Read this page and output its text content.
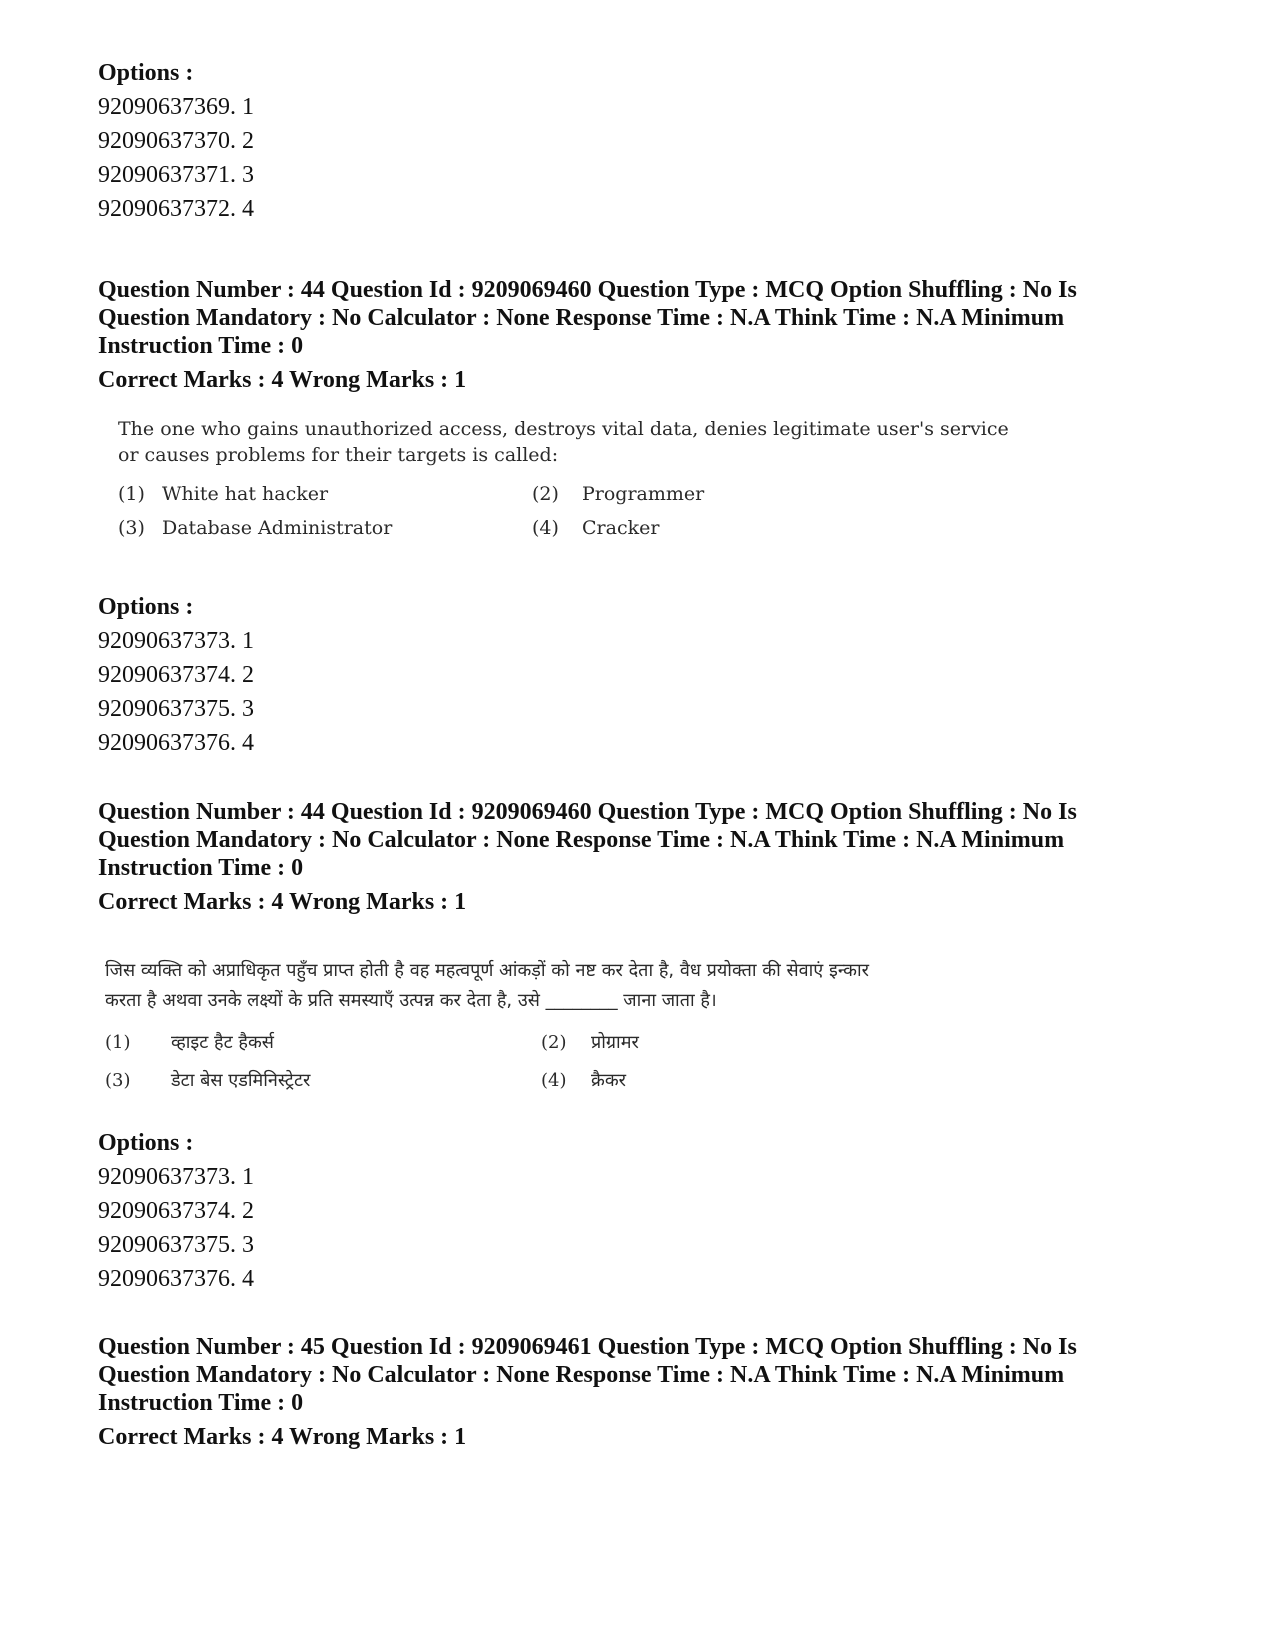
Options :
92090637369. 1
92090637370. 2
92090637371. 3
92090637372. 4
Question Number : 44 Question Id : 9209069460 Question Type : MCQ Option Shuffling : No Is
Question Mandatory : No Calculator : None Response Time : N.A Think Time : N.A Minimum
Instruction Time : 0
Correct Marks : 4 Wrong Marks : 1
The one who gains unauthorized access, destroys vital data, denies legitimate user's service
or causes problems for their targets is called:
(1) White hat hacker	(2)	Programmer
(3) Database Administrator	(4)	Cracker
Options :
92090637373. 1
92090637374. 2
92090637375. 3
92090637376. 4
Question Number : 44 Question Id : 9209069460 Question Type : MCQ Option Shuffling : No Is
Question Mandatory : No Calculator : None Response Time : N.A Think Time : N.A Minimum
Instruction Time : 0
Correct Marks : 4 Wrong Marks : 1
जिस व्यक्ति को अप्राधिकृत पहुँच प्राप्त होती है वह महत्वपूर्ण आंकड़ों को नष्ट कर देता है, वैध प्रयोक्ता की सेवाएं इन्कार
करता है अथवा उनके लक्ष्यों के प्रति समस्याएँ उत्पन्न कर देता है, उसे ________ जाना जाता है।
(1)	व्हाइट हैट हैकर्स	(2)	प्रोग्रामर
(3)	डेटा बेस एडमिनिस्ट्रेटर	(4)	क्रैकर
Options :
92090637373. 1
92090637374. 2
92090637375. 3
92090637376. 4
Question Number : 45 Question Id : 9209069461 Question Type : MCQ Option Shuffling : No Is
Question Mandatory : No Calculator : None Response Time : N.A Think Time : N.A Minimum
Instruction Time : 0
Correct Marks : 4 Wrong Marks : 1
